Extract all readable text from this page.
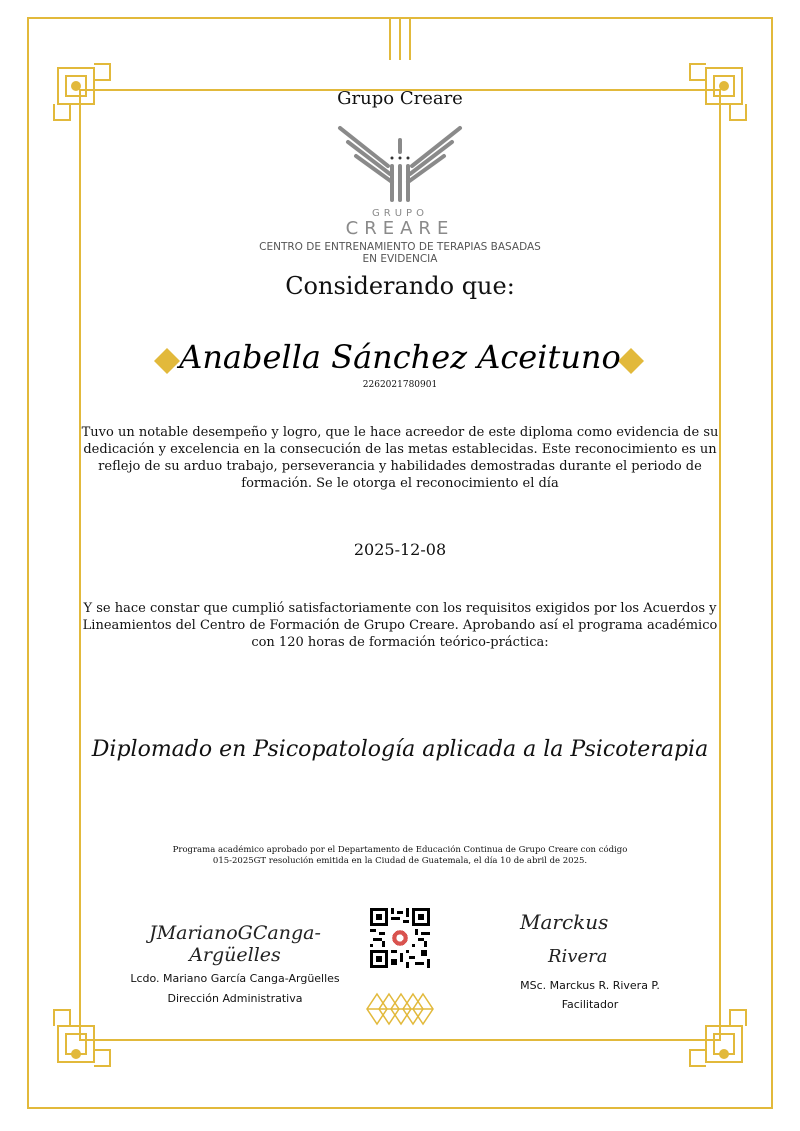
Grupo Creare
GRUPO
CREARE
CENTRO DE ENTRENAMIENTO DE TERAPIAS BASADAS
EN EVIDENCIA
Considerando que:
Anabella Sánchez Aceituno
2262021780901
Tuvo un notable desempeño y logro, que le hace acreedor de este diploma como evidencia de su
dedicación y excelencia en la consecución de las metas establecidas. Este reconocimiento es un
reflejo de su arduo trabajo, perseverancia y habilidades demostradas durante el periodo de
formación. Se le otorga el reconocimiento el día
2025-12-08
Y se hace constar que cumplió satisfactoriamente con los requisitos exigidos por los Acuerdos y
Lineamientos del Centro de Formación de Grupo Creare. Aprobando así el programa académico
con 120 horas de formación teórico-práctica:
Diplomado en Psicopatología aplicada a la Psicoterapia
Programa académico aprobado por el Departamento de Educación Continua de Grupo Creare con código
015-2025GT resolución emitida en la Ciudad de Guatemala, el día 10 de abril de 2025.
JMarianoGCanga-Argüelles
Lcdo. Mariano García Canga-Argüelles
Dirección Administrativa
Marckus
Rivera
MSc. Marckus R. Rivera P.
Facilitador
